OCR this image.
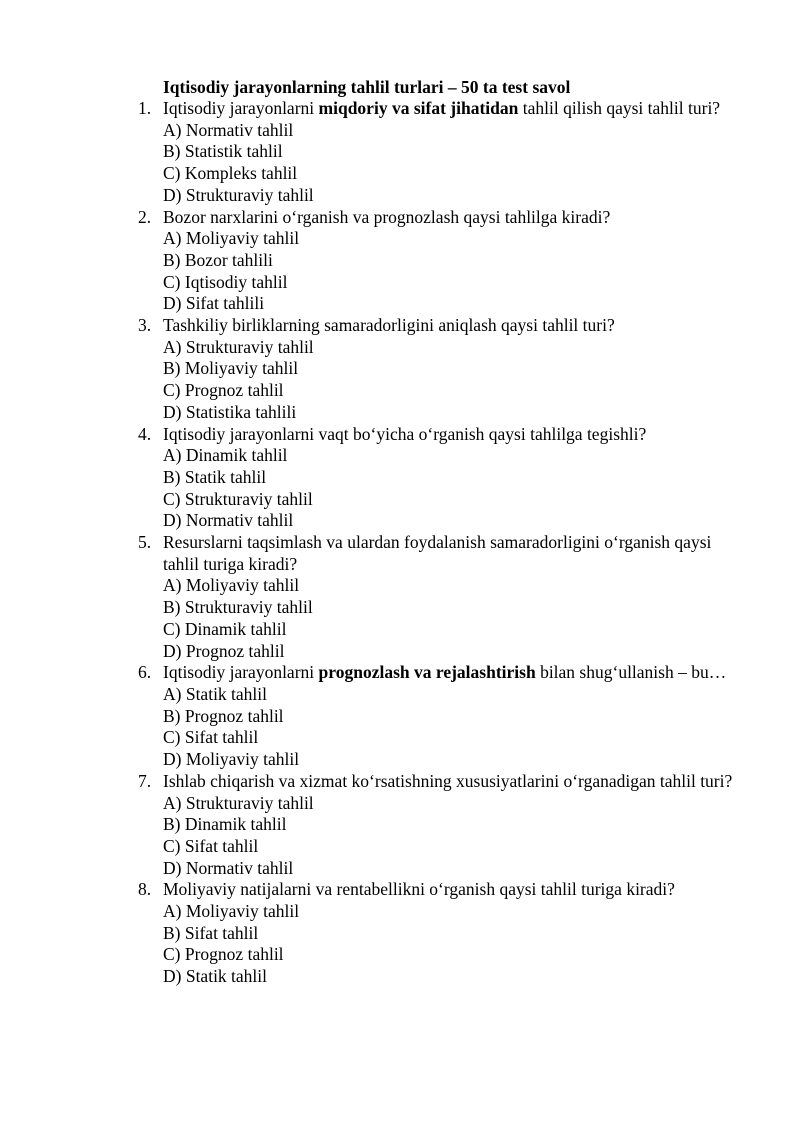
Iqtisodiy jarayonlarning tahlil turlari – 50 ta test savol
1. Iqtisodiy jarayonlarni miqdoriy va sifat jihatidan tahlil qilish qaysi tahlil turi?
A) Normativ tahlil
B) Statistik tahlil
C) Kompleks tahlil
D) Strukturaviy tahlil
2. Bozor narxlarini o‘rganish va prognozlash qaysi tahlilga kiradi?
A) Moliyaviy tahlil
B) Bozor tahlili
C) Iqtisodiy tahlil
D) Sifat tahlili
3. Tashkiliy birliklarning samaradorligini aniqlash qaysi tahlil turi?
A) Strukturaviy tahlil
B) Moliyaviy tahlil
C) Prognoz tahlil
D) Statistika tahlili
4. Iqtisodiy jarayonlarni vaqt bo‘yicha o‘rganish qaysi tahlilga tegishli?
A) Dinamik tahlil
B) Statik tahlil
C) Strukturaviy tahlil
D) Normativ tahlil
5. Resurslarni taqsimlash va ulardan foydalanish samaradorligini o‘rganish qaysi tahlil turiga kiradi?
A) Moliyaviy tahlil
B) Strukturaviy tahlil
C) Dinamik tahlil
D) Prognoz tahlil
6. Iqtisodiy jarayonlarni prognozlash va rejalashtirish bilan shug‘ullanish – bu…
A) Statik tahlil
B) Prognoz tahlil
C) Sifat tahlil
D) Moliyaviy tahlil
7. Ishlab chiqarish va xizmat ko‘rsatishning xususiyatlarini o‘rganadigan tahlil turi?
A) Strukturaviy tahlil
B) Dinamik tahlil
C) Sifat tahlil
D) Normativ tahlil
8. Moliyaviy natijalarni va rentabellikni o‘rganish qaysi tahlil turiga kiradi?
A) Moliyaviy tahlil
B) Sifat tahlil
C) Prognoz tahlil
D) Statik tahlil
